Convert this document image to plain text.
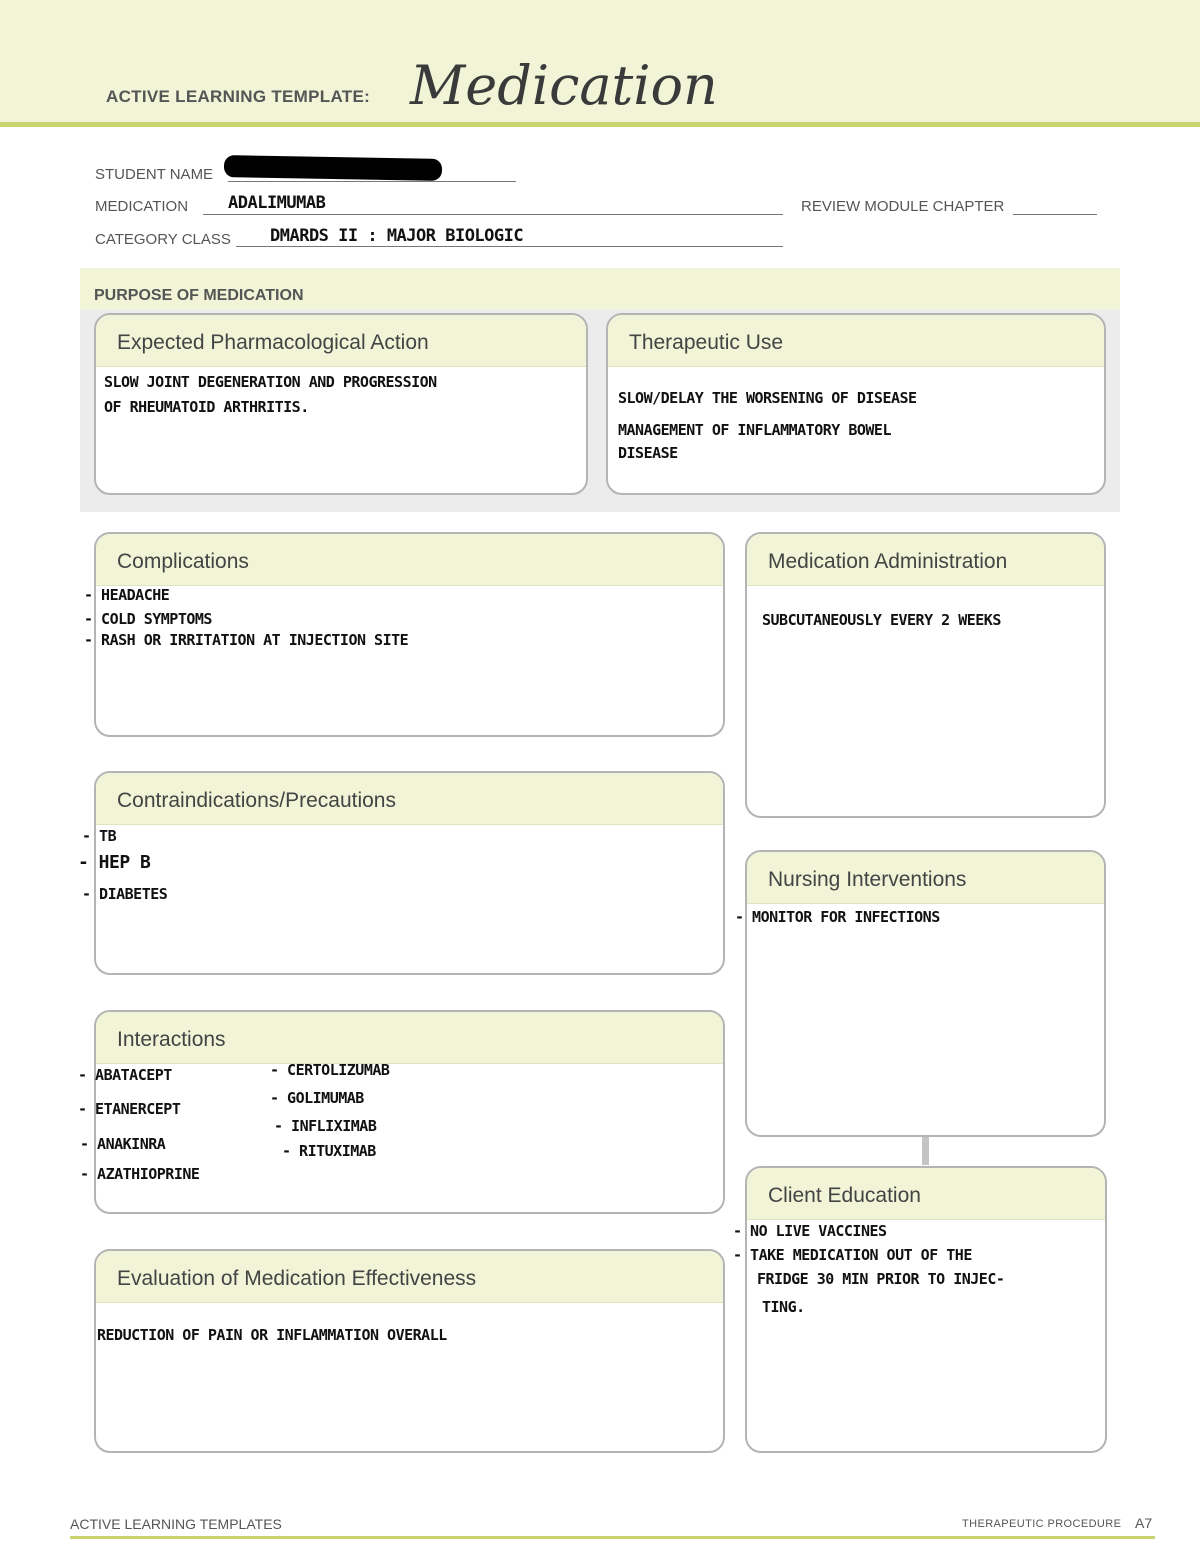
ACTIVE LEARNING TEMPLATE: Medication
STUDENT NAME
MEDICATION ADALIMUMAB	REVIEW MODULE CHAPTER
CATEGORY CLASS DMARDS II : MAJOR BIOLOGIC
PURPOSE OF MEDICATION
Expected Pharmacological Action
SLOW JOINT DEGENERATION AND PROGRESSION
OF RHEUMATOID ARTHRITIS.
Therapeutic Use
SLOW/DELAY THE WORSENING OF DISEASE
MANAGEMENT OF INFLAMMATORY BOWEL
DISEASE
Complications
- HEADACHE
- COLD SYMPTOMS
- RASH OR IRRITATION AT INJECTION SITE
Medication Administration
SUBCUTANEOUSLY EVERY 2 WEEKS
Contraindications/Precautions
- TB
- HEP B
- DIABETES
Nursing Interventions
- MONITOR FOR INFECTIONS
Interactions
- ABATACEPT
- ETANERCEPT
- ANAKINRA
- AZATHIOPRINE
- CERTOLIZUMAB
- GOLIMUMAB
- INFLIXIMAB
- RITUXIMAB
Client Education
- NO LIVE VACCINES
- TAKE MEDICATION OUT OF THE
FRIDGE 30 MIN PRIOR TO INJEC-
TING.
Evaluation of Medication Effectiveness
REDUCTION OF PAIN OR INFLAMMATION OVERALL
ACTIVE LEARNING TEMPLATES	THERAPEUTIC PROCEDURE A7
